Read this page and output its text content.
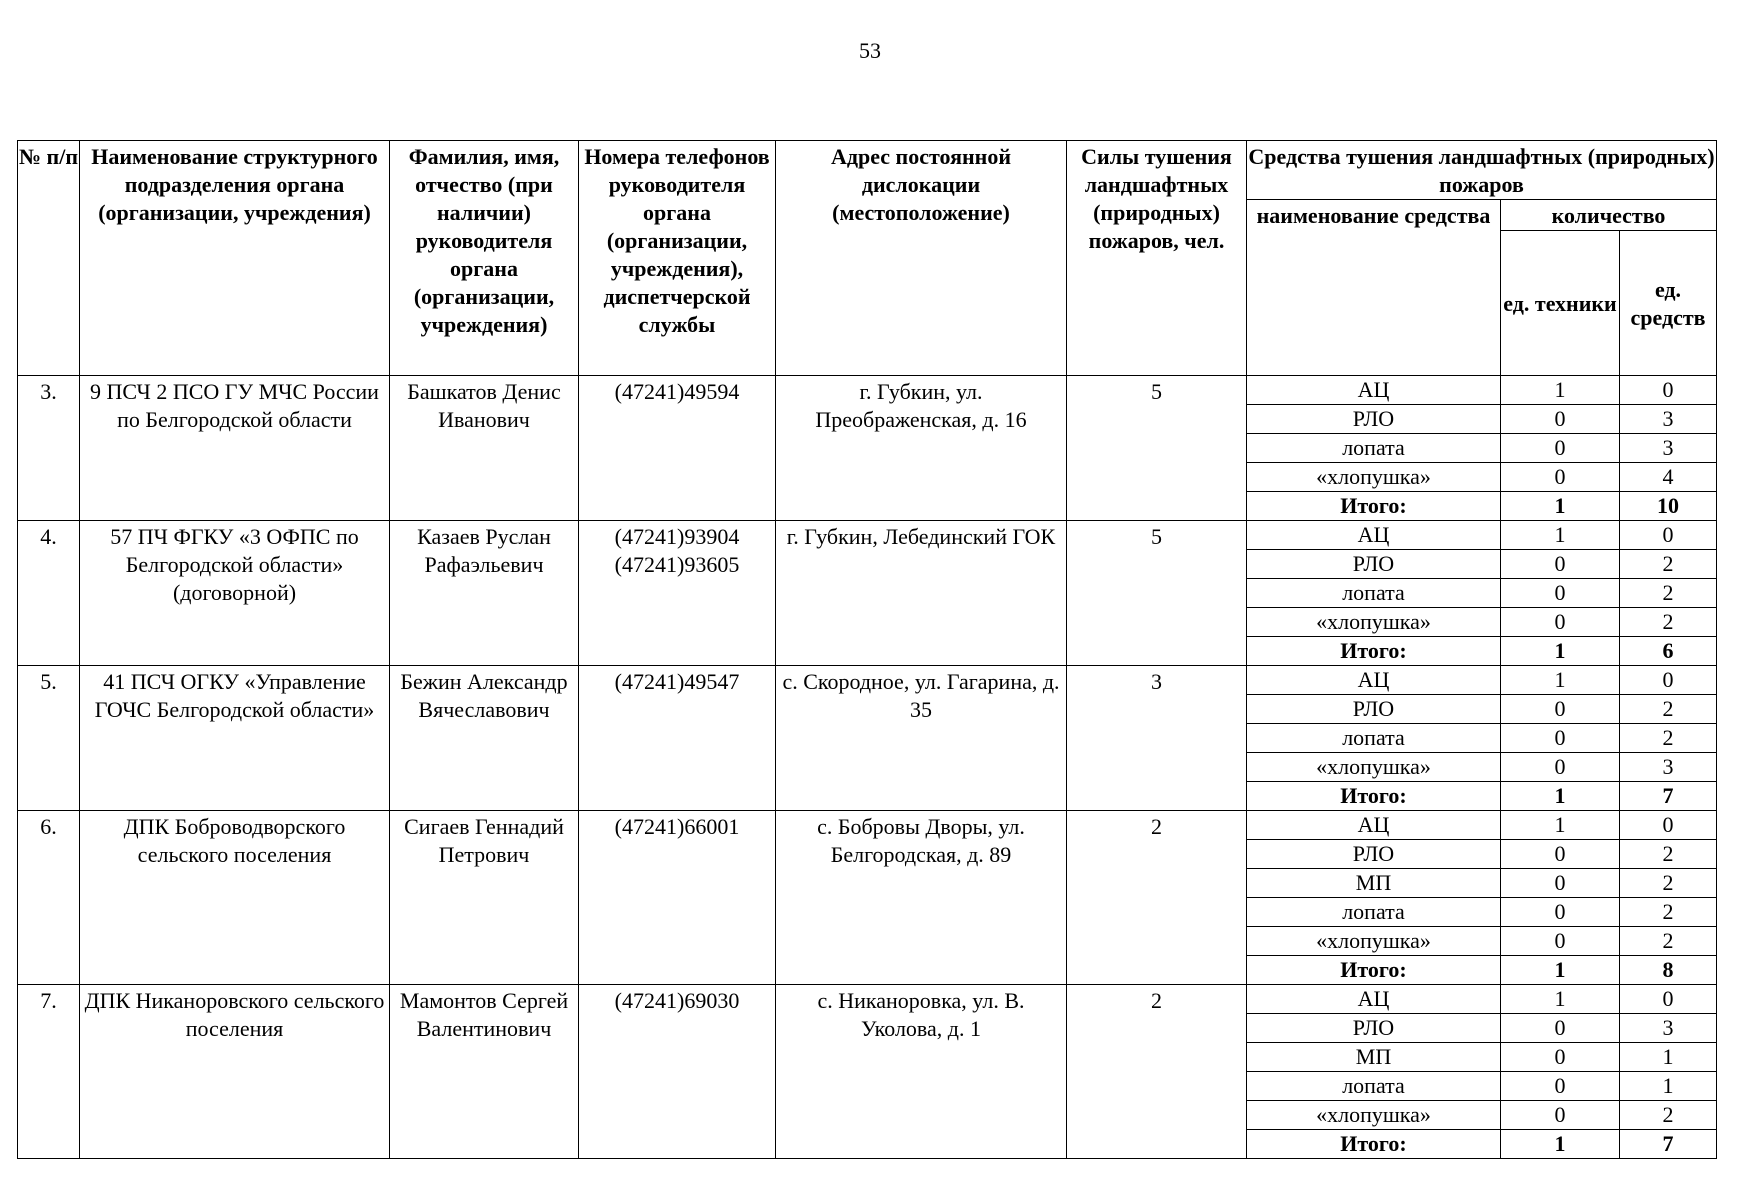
53
№ п/п	Наименование структурного подразделения органа (организации, учреждения)	Фамилия, имя, отчество (при наличии) руководителя органа (организации, учреждения)	Номера телефонов руководителя органа (организации, учреждения), диспетчерской службы	Адрес постоянной дислокации (местоположение)	Силы тушения ландшафтных (природных) пожаров, чел.	Средства тушения ландшафтных (природных) пожаров		
						наименование средства	количество	
							ед. техники	ед. средств
3.	9 ПСЧ 2 ПСО ГУ МЧС России по Белгородской области	Башкатов Денис Иванович	(47241)49594	г. Губкин, ул. Преображенская, д. 16	5	АЦ	1	0
						РЛО	0	3
						лопата	0	3
						«хлопушка»	0	4
						Итого:	1	10
4.	57 ПЧ ФГКУ «3 ОФПС по Белгородской области» (договорной)	Казаев Руслан Рафаэльевич	(47241)93904 (47241)93605	г. Губкин, Лебединский ГОК	5	АЦ	1	0
						РЛО	0	2
						лопата	0	2
						«хлопушка»	0	2
						Итого:	1	6
5.	41 ПСЧ ОГКУ «Управление ГОЧС Белгородской области»	Бежин Александр Вячеславович	(47241)49547	с. Скородное, ул. Гагарина, д. 35	3	АЦ	1	0
						РЛО	0	2
						лопата	0	2
						«хлопушка»	0	3
						Итого:	1	7
6.	ДПК Боброводворского сельского поселения	Сигаев Геннадий Петрович	(47241)66001	с. Бобровы Дворы, ул. Белгородская, д. 89	2	АЦ	1	0
						РЛО	0	2
						МП	0	2
						лопата	0	2
						«хлопушка»	0	2
						Итого:	1	8
7.	ДПК Никаноровского сельского поселения	Мамонтов Сергей Валентинович	(47241)69030	с. Никаноровка, ул. В. Уколова, д. 1	2	АЦ	1	0
						РЛО	0	3
						МП	0	1
						лопата	0	1
						«хлопушка»	0	2
						Итого:	1	7
